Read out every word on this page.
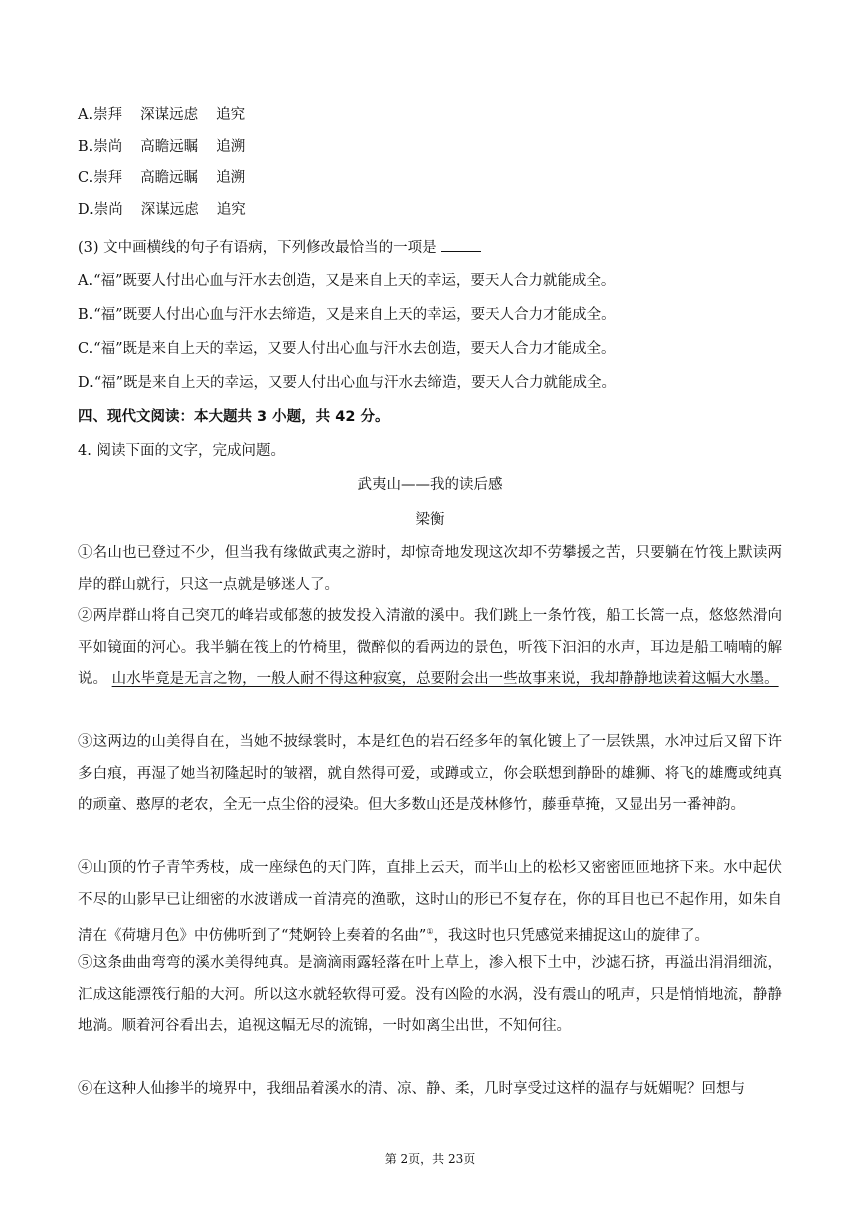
A.崇拜 深谋远虑 追究
B.崇尚 高瞻远瞩 追溯
C.崇拜 高瞻远瞩 追溯
D.崇尚 深谋远虑 追究
(3) 文中画横线的句子有语病，下列修改最恰当的一项是
A.“福”既要人付出心血与汗水去创造，又是来自上天的幸运，要天人合力就能成全。
B.“福”既要人付出心血与汗水去缔造，又是来自上天的幸运，要天人合力才能成全。
C.“福”既是来自上天的幸运，又要人付出心血与汗水去创造，要天人合力才能成全。
D.“福”既是来自上天的幸运，又要人付出心血与汗水去缔造，要天人合力就能成全。
四、现代文阅读：本大题共 3 小题，共 42 分。
4. 阅读下面的文字，完成问题。
武夷山——我的读后感
梁衡
①名山也已登过不少，但当我有缘做武夷之游时，却惊奇地发现这次却不劳攀援之苦，只要躺在竹筏上默读两岸的群山就行，只这一点就是够迷人了。
②两岸群山将自己突兀的峰岩或郁葱的披发投入清澈的溪中。我们跳上一条竹筏，船工长篙一点，悠悠然滑向平如镜面的河心。我半躺在筏上的竹椅里，微醉似的看两边的景色，听筏下汩汩的水声，耳边是船工喃喃的解说。 山水毕竟是无言之物，一般人耐不得这种寂寞，总要附会出一些故事来说，我却静静地读着这幅大水墨。
③这两边的山美得自在，当她不披绿裳时，本是红色的岩石经多年的氧化镀上了一层铁黑，水冲过后又留下许多白痕，再湿了她当初隆起时的皱褶，就自然得可爱，或蹲或立，你会联想到静卧的雄狮、将飞的雄鹰或纯真的顽童、憨厚的老农，全无一点尘俗的浸染。但大多数山还是茂林修竹，藤垂草掩，又显出另一番神韵。
④山顶的竹子青竿秀枝，成一座绿色的天门阵，直排上云天，而半山上的松杉又密密匝匝地挤下来。水中起伏不尽的山影早已让细密的水波谱成一首清亮的渔歌，这时山的形已不复存在，你的耳目也已不起作用，如朱自清在《荷塘月色》中仿佛听到了“梵婀铃上奏着的名曲”①，我这时也只凭感觉来捕捉这山的旋律了。
⑤这条曲曲弯弯的溪水美得纯真。是滴滴雨露轻落在叶上草上，渗入根下土中，沙滤石挤，再溢出涓涓细流，汇成这能漂筏行船的大河。所以这水就轻软得可爱。没有凶险的水涡，没有震山的吼声，只是悄悄地流，静静地淌。顺着河谷看出去，追视这幅无尽的流锦，一时如离尘出世，不知何往。
⑥在这种人仙掺半的境界中，我细品着溪水的清、凉、静、柔，几时享受过这样的温存与妩媚呢？回想与
第 2页，共 23页
